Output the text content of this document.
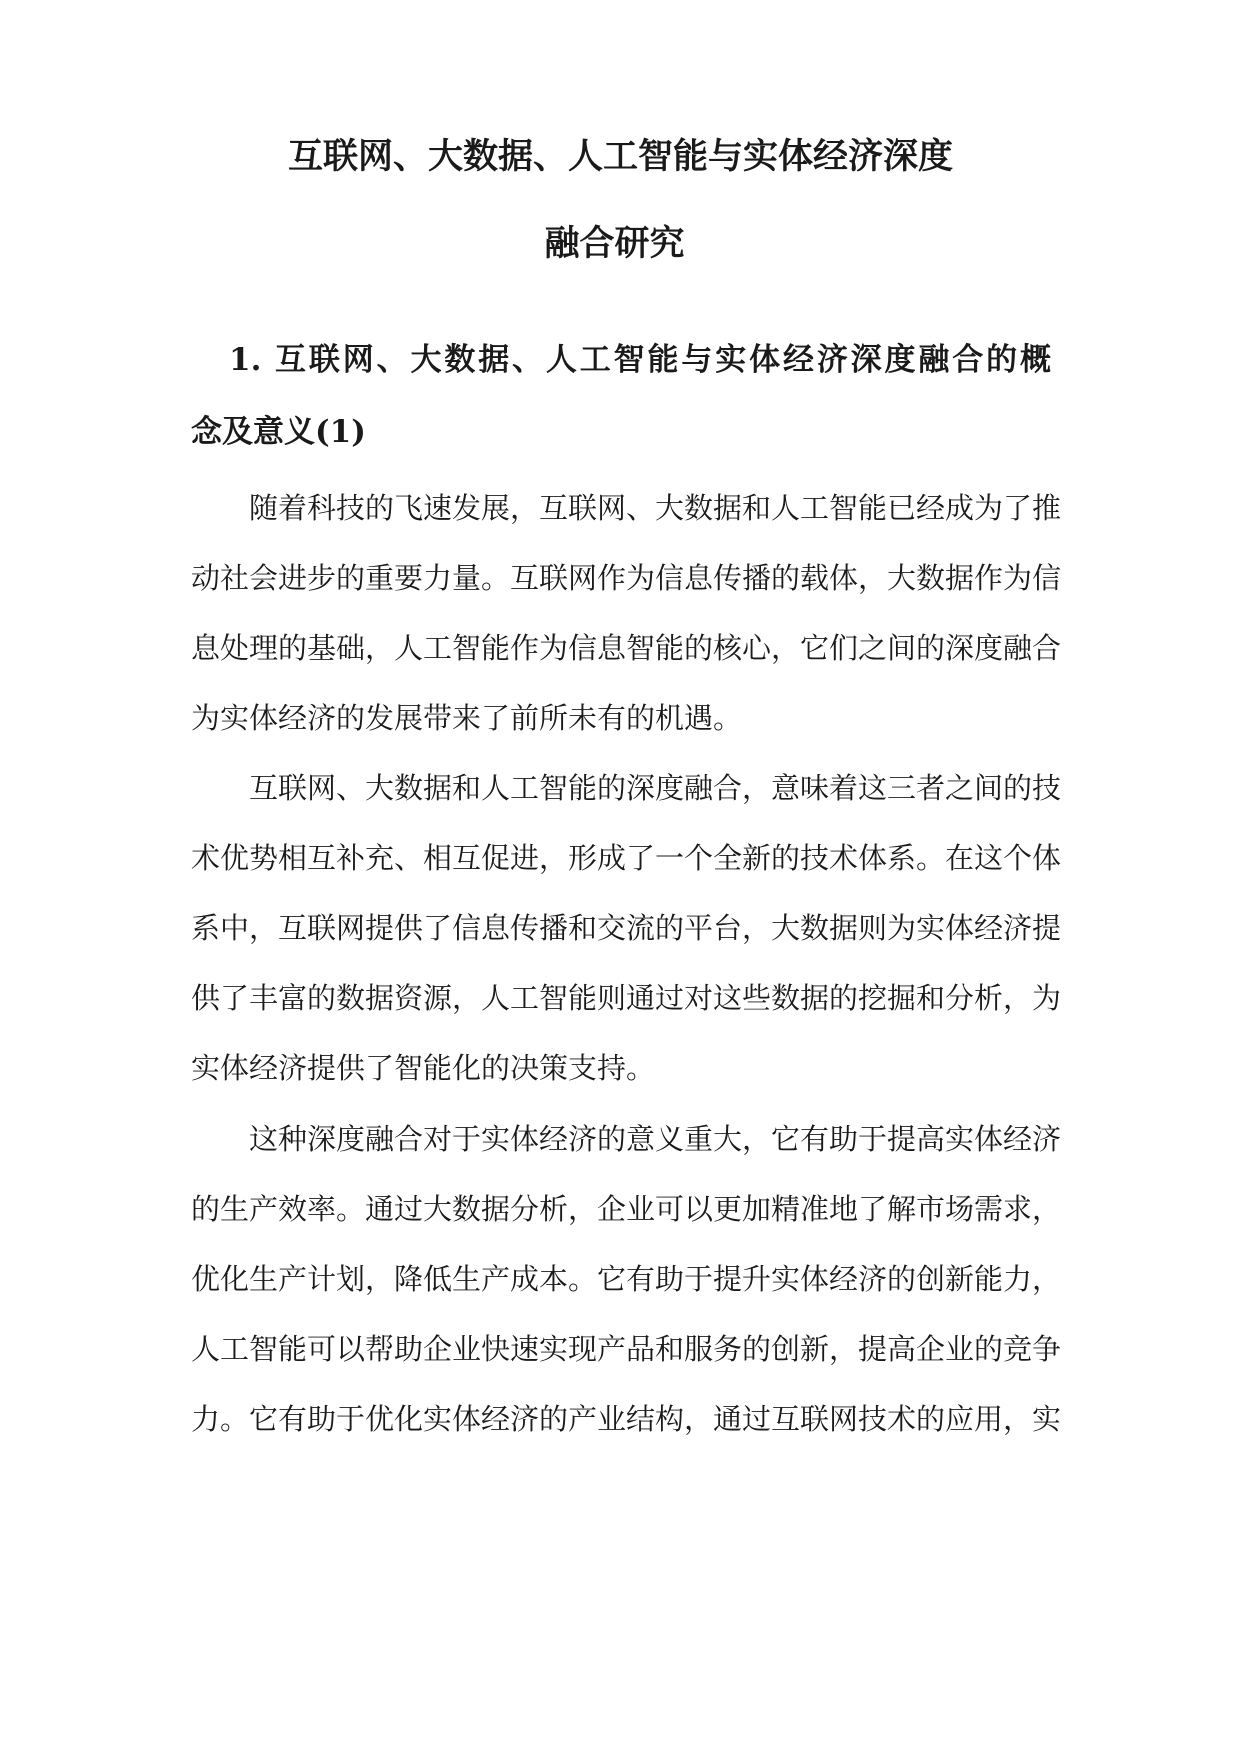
互联网、大数据、人工智能与实体经济深度
融合研究
1. 互联网、大数据、人工智能与实体经济深度融合的概
念及意义(1)
随着科技的飞速发展，互联网、大数据和人工智能已经成为了推
动社会进步的重要力量。互联网作为信息传播的载体，大数据作为信
息处理的基础，人工智能作为信息智能的核心，它们之间的深度融合
为实体经济的发展带来了前所未有的机遇。
互联网、大数据和人工智能的深度融合，意味着这三者之间的技
术优势相互补充、相互促进，形成了一个全新的技术体系。在这个体
系中，互联网提供了信息传播和交流的平台，大数据则为实体经济提
供了丰富的数据资源，人工智能则通过对这些数据的挖掘和分析，为
实体经济提供了智能化的决策支持。
这种深度融合对于实体经济的意义重大，它有助于提高实体经济
的生产效率。通过大数据分析，企业可以更加精准地了解市场需求，
优化生产计划，降低生产成本。它有助于提升实体经济的创新能力，
人工智能可以帮助企业快速实现产品和服务的创新，提高企业的竞争
力。它有助于优化实体经济的产业结构，通过互联网技术的应用，实
